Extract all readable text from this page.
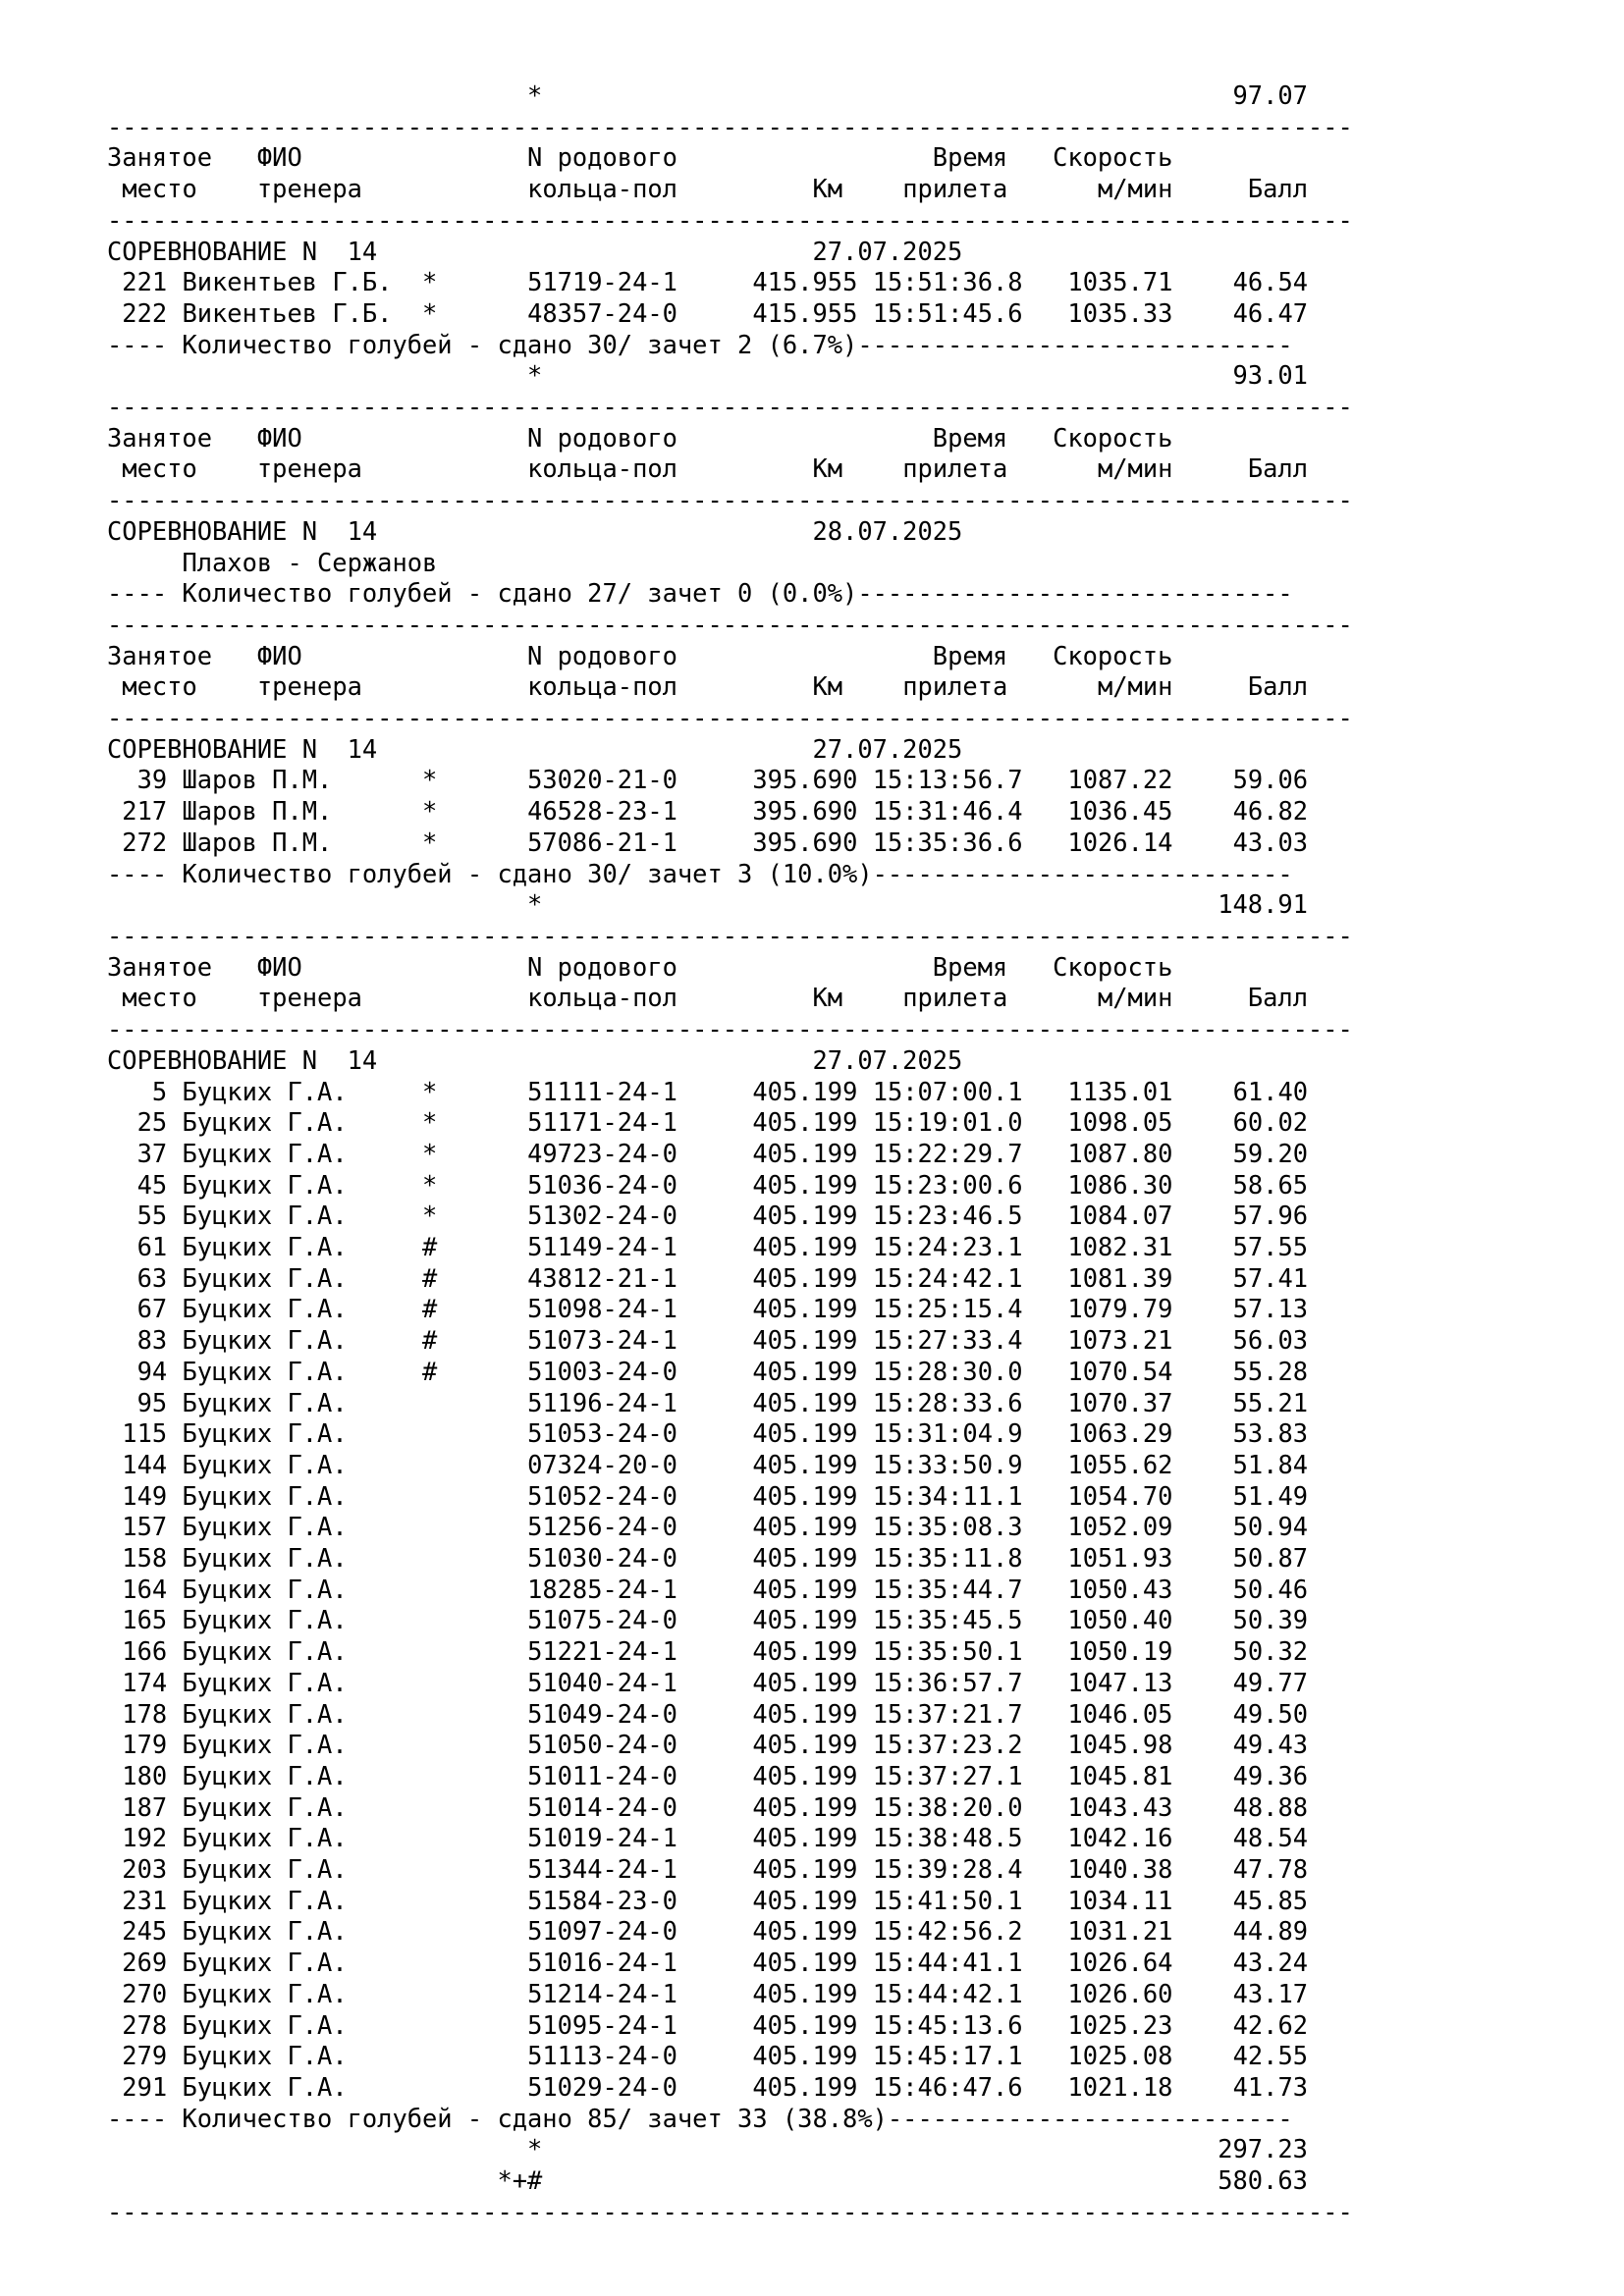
*	97.07
-----------------------------------------------------------------------------------
Занятое ФИО	N родового	Время Скорость
место тренера	кольца-пол	Км прилета	м/мин	Балл
-----------------------------------------------------------------------------------
СОРЕВНОВАНИЕ N  14	27.07.2025
221 Викентьев Г.Б. *	51719-24-1	415.955 15:51:36.8   1035.71    46.54
222 Викентьев Г.Б. *	48357-24-0	415.955 15:51:45.6   1035.33    46.47
---- Количество голубей - сдано 30/ зачет 2 (6.7%)-----------------------------
*	93.01
-----------------------------------------------------------------------------------
Занятое ФИО	N родового	Время Скорость
место тренера	кольца-пол	Км прилета	м/мин	Балл
-----------------------------------------------------------------------------------
СОРЕВНОВАНИЕ N  14	28.07.2025
Плахов - Сержанов
---- Количество голубей - сдано 27/ зачет 0 (0.0%)-----------------------------
-----------------------------------------------------------------------------------
Занятое ФИО	N родового	Время Скорость
место тренера	кольца-пол	Км прилета	м/мин	Балл
-----------------------------------------------------------------------------------
СОРЕВНОВАНИЕ N  14	27.07.2025
39 Шаров П.М.      *	53020-21-0	395.690 15:13:56.7   1087.22    59.06
217 Шаров П.М.      *	46528-23-1	395.690 15:31:46.4   1036.45    46.82
272 Шаров П.М.      *	57086-21-1	395.690 15:35:36.6   1026.14    43.03
---- Количество голубей - сдано 30/ зачет 3 (10.0%)----------------------------
*	148.91
-----------------------------------------------------------------------------------
Занятое ФИО	N родового	Время Скорость
место тренера	кольца-пол	Км прилета	м/мин	Балл
-----------------------------------------------------------------------------------
СОРЕВНОВАНИЕ N  14	27.07.2025
5 Буцких Г.А.     *	51111-24-1	405.199 15:07:00.1   1135.01    61.40
25 Буцких Г.А.     *	51171-24-1	405.199 15:19:01.0   1098.05    60.02
37 Буцких Г.А.     *	49723-24-0	405.199 15:22:29.7   1087.80    59.20
45 Буцких Г.А.     *	51036-24-0	405.199 15:23:00.6   1086.30    58.65
55 Буцких Г.А.     *	51302-24-0	405.199 15:23:46.5   1084.07    57.96
61 Буцких Г.А.     #	51149-24-1	405.199 15:24:23.1   1082.31    57.55
63 Буцких Г.А.     #	43812-21-1	405.199 15:24:42.1   1081.39    57.41
67 Буцких Г.А.     #	51098-24-1	405.199 15:25:15.4   1079.79    57.13
83 Буцких Г.А.     #	51073-24-1	405.199 15:27:33.4   1073.21    56.03
94 Буцких Г.А.     #	51003-24-0	405.199 15:28:30.0   1070.54    55.28
95 Буцких Г.А.	51196-24-1	405.199 15:28:33.6   1070.37    55.21
115 Буцких Г.А.	51053-24-0	405.199 15:31:04.9   1063.29    53.83
144 Буцких Г.А.	07324-20-0	405.199 15:33:50.9   1055.62    51.84
149 Буцких Г.А.	51052-24-0	405.199 15:34:11.1   1054.70    51.49
157 Буцких Г.А.	51256-24-0	405.199 15:35:08.3   1052.09    50.94
158 Буцких Г.А.	51030-24-0	405.199 15:35:11.8   1051.93    50.87
164 Буцких Г.А.	18285-24-1	405.199 15:35:44.7   1050.43    50.46
165 Буцких Г.А.	51075-24-0	405.199 15:35:45.5   1050.40    50.39
166 Буцких Г.А.	51221-24-1	405.199 15:35:50.1   1050.19    50.32
174 Буцких Г.А.	51040-24-1	405.199 15:36:57.7   1047.13    49.77
178 Буцких Г.А.	51049-24-0	405.199 15:37:21.7   1046.05    49.50
179 Буцких Г.А.	51050-24-0	405.199 15:37:23.2   1045.98    49.43
180 Буцких Г.А.	51011-24-0	405.199 15:37:27.1   1045.81    49.36
187 Буцких Г.А.	51014-24-0	405.199 15:38:20.0   1043.43    48.88
192 Буцких Г.А.	51019-24-1	405.199 15:38:48.5   1042.16    48.54
203 Буцких Г.А.	51344-24-1	405.199 15:39:28.4   1040.38    47.78
231 Буцких Г.А.	51584-23-0	405.199 15:41:50.1   1034.11    45.85
245 Буцких Г.А.	51097-24-0	405.199 15:42:56.2   1031.21    44.89
269 Буцких Г.А.	51016-24-1	405.199 15:44:41.1   1026.64    43.24
270 Буцких Г.А.	51214-24-1	405.199 15:44:42.1   1026.60    43.17
278 Буцких Г.А.	51095-24-1	405.199 15:45:13.6   1025.23    42.62
279 Буцких Г.А.	51113-24-0	405.199 15:45:17.1   1025.08    42.55
291 Буцких Г.А.	51029-24-0	405.199 15:46:47.6   1021.18    41.73
---- Количество голубей - сдано 85/ зачет 33 (38.8%)---------------------------
*	297.23
*+#	580.63
-----------------------------------------------------------------------------------
